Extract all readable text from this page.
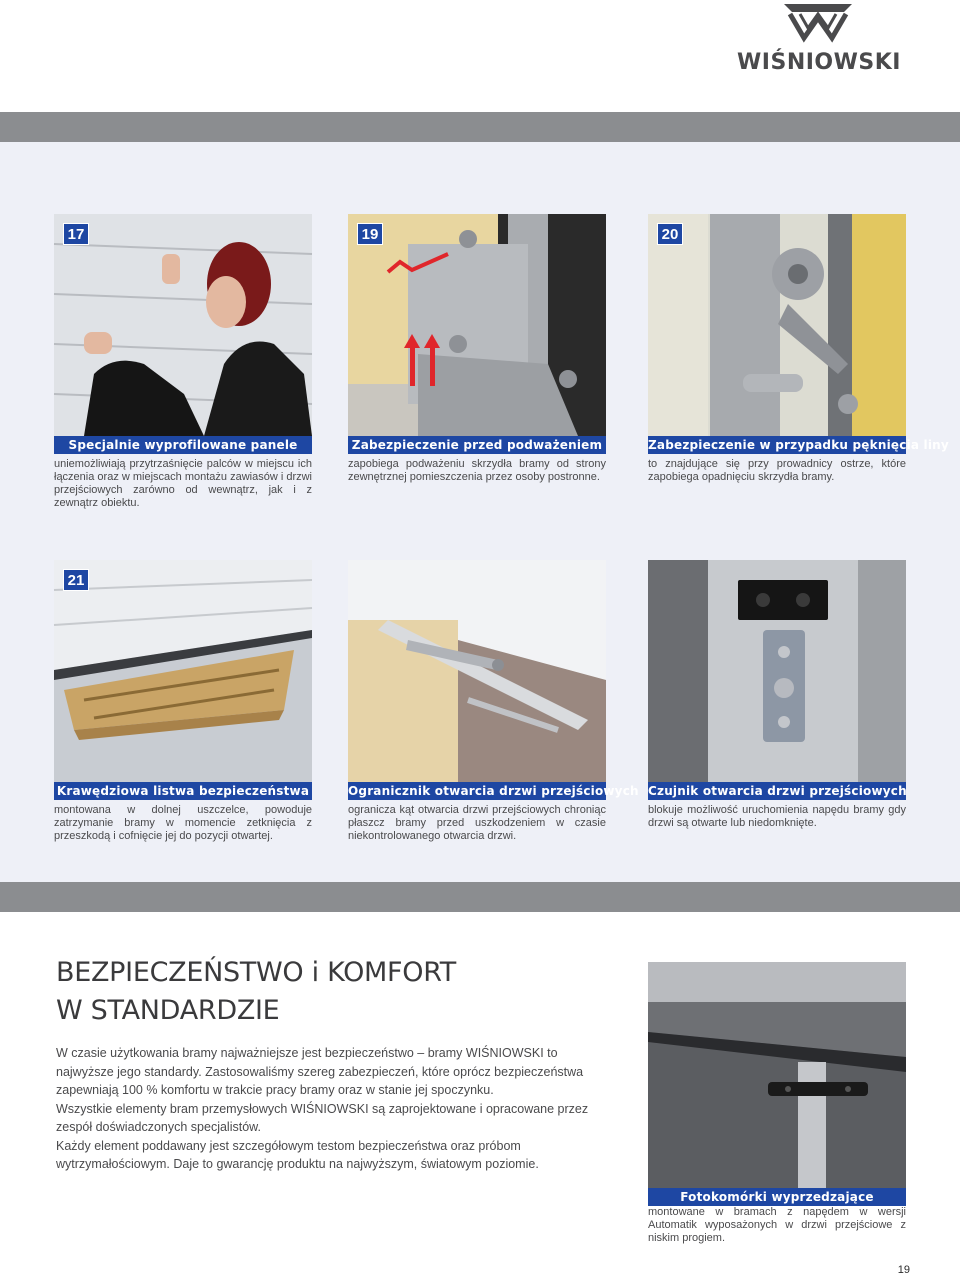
WIŚNIOWSKI
17
Specjalnie wyprofilowane panele
uniemożliwiają przytrzaśnięcie palców w miejscu ich łączenia oraz w miejscach montażu zawiasów i drzwi przejściowych zarówno od wewnątrz, jak i z zewnątrz obiektu.
19
Zabezpieczenie przed podważeniem
zapobiega podważeniu skrzydła bramy od strony zewnętrznej pomieszczenia przez osoby postronne.
20
Zabezpieczenie w przypadku pęknięcia liny
to znajdujące się przy prowadnicy ostrze, które zapobiega opadnięciu skrzydła bramy.
21
Krawędziowa listwa bezpieczeństwa
montowana w dolnej uszczelce, powoduje zatrzymanie bramy w momencie zetknięcia z przeszkodą i cofnięcie jej do pozycji otwartej.
Ogranicznik otwarcia drzwi przejściowych
ogranicza kąt otwarcia drzwi przejściowych chroniąc płaszcz bramy przed uszkodzeniem w czasie niekontrolowanego otwarcia drzwi.
Czujnik otwarcia drzwi przejściowych
blokuje możliwość uruchomienia napędu bramy gdy drzwi są otwarte lub niedomknięte.
BEZPIECZEŃSTWO i KOMFORT
W STANDARDZIE

W czasie użytkowania bramy najważniejsze jest bezpieczeństwo – bramy WIŚNIOWSKI to najwyższe jego standardy. Zastosowaliśmy szereg zabezpieczeń, które oprócz bezpieczeństwa zapewniają 100 % komfortu w trakcie pracy bramy oraz w stanie jej spoczynku.

Wszystkie elementy bram przemysłowych WIŚNIOWSKI są zaprojektowane i opracowane przez zespół doświadczonych specjalistów.

Każdy element poddawany jest szczegółowym testom bezpieczeństwa oraz próbom wytrzymałościowym. Daje to gwarancję produktu na najwyższym, światowym poziomie.

Fotokomórki wyprzedzające
montowane w bramach z napędem w wersji Automatik wyposażonych w drzwi przejściowe z niskim progiem.
19
